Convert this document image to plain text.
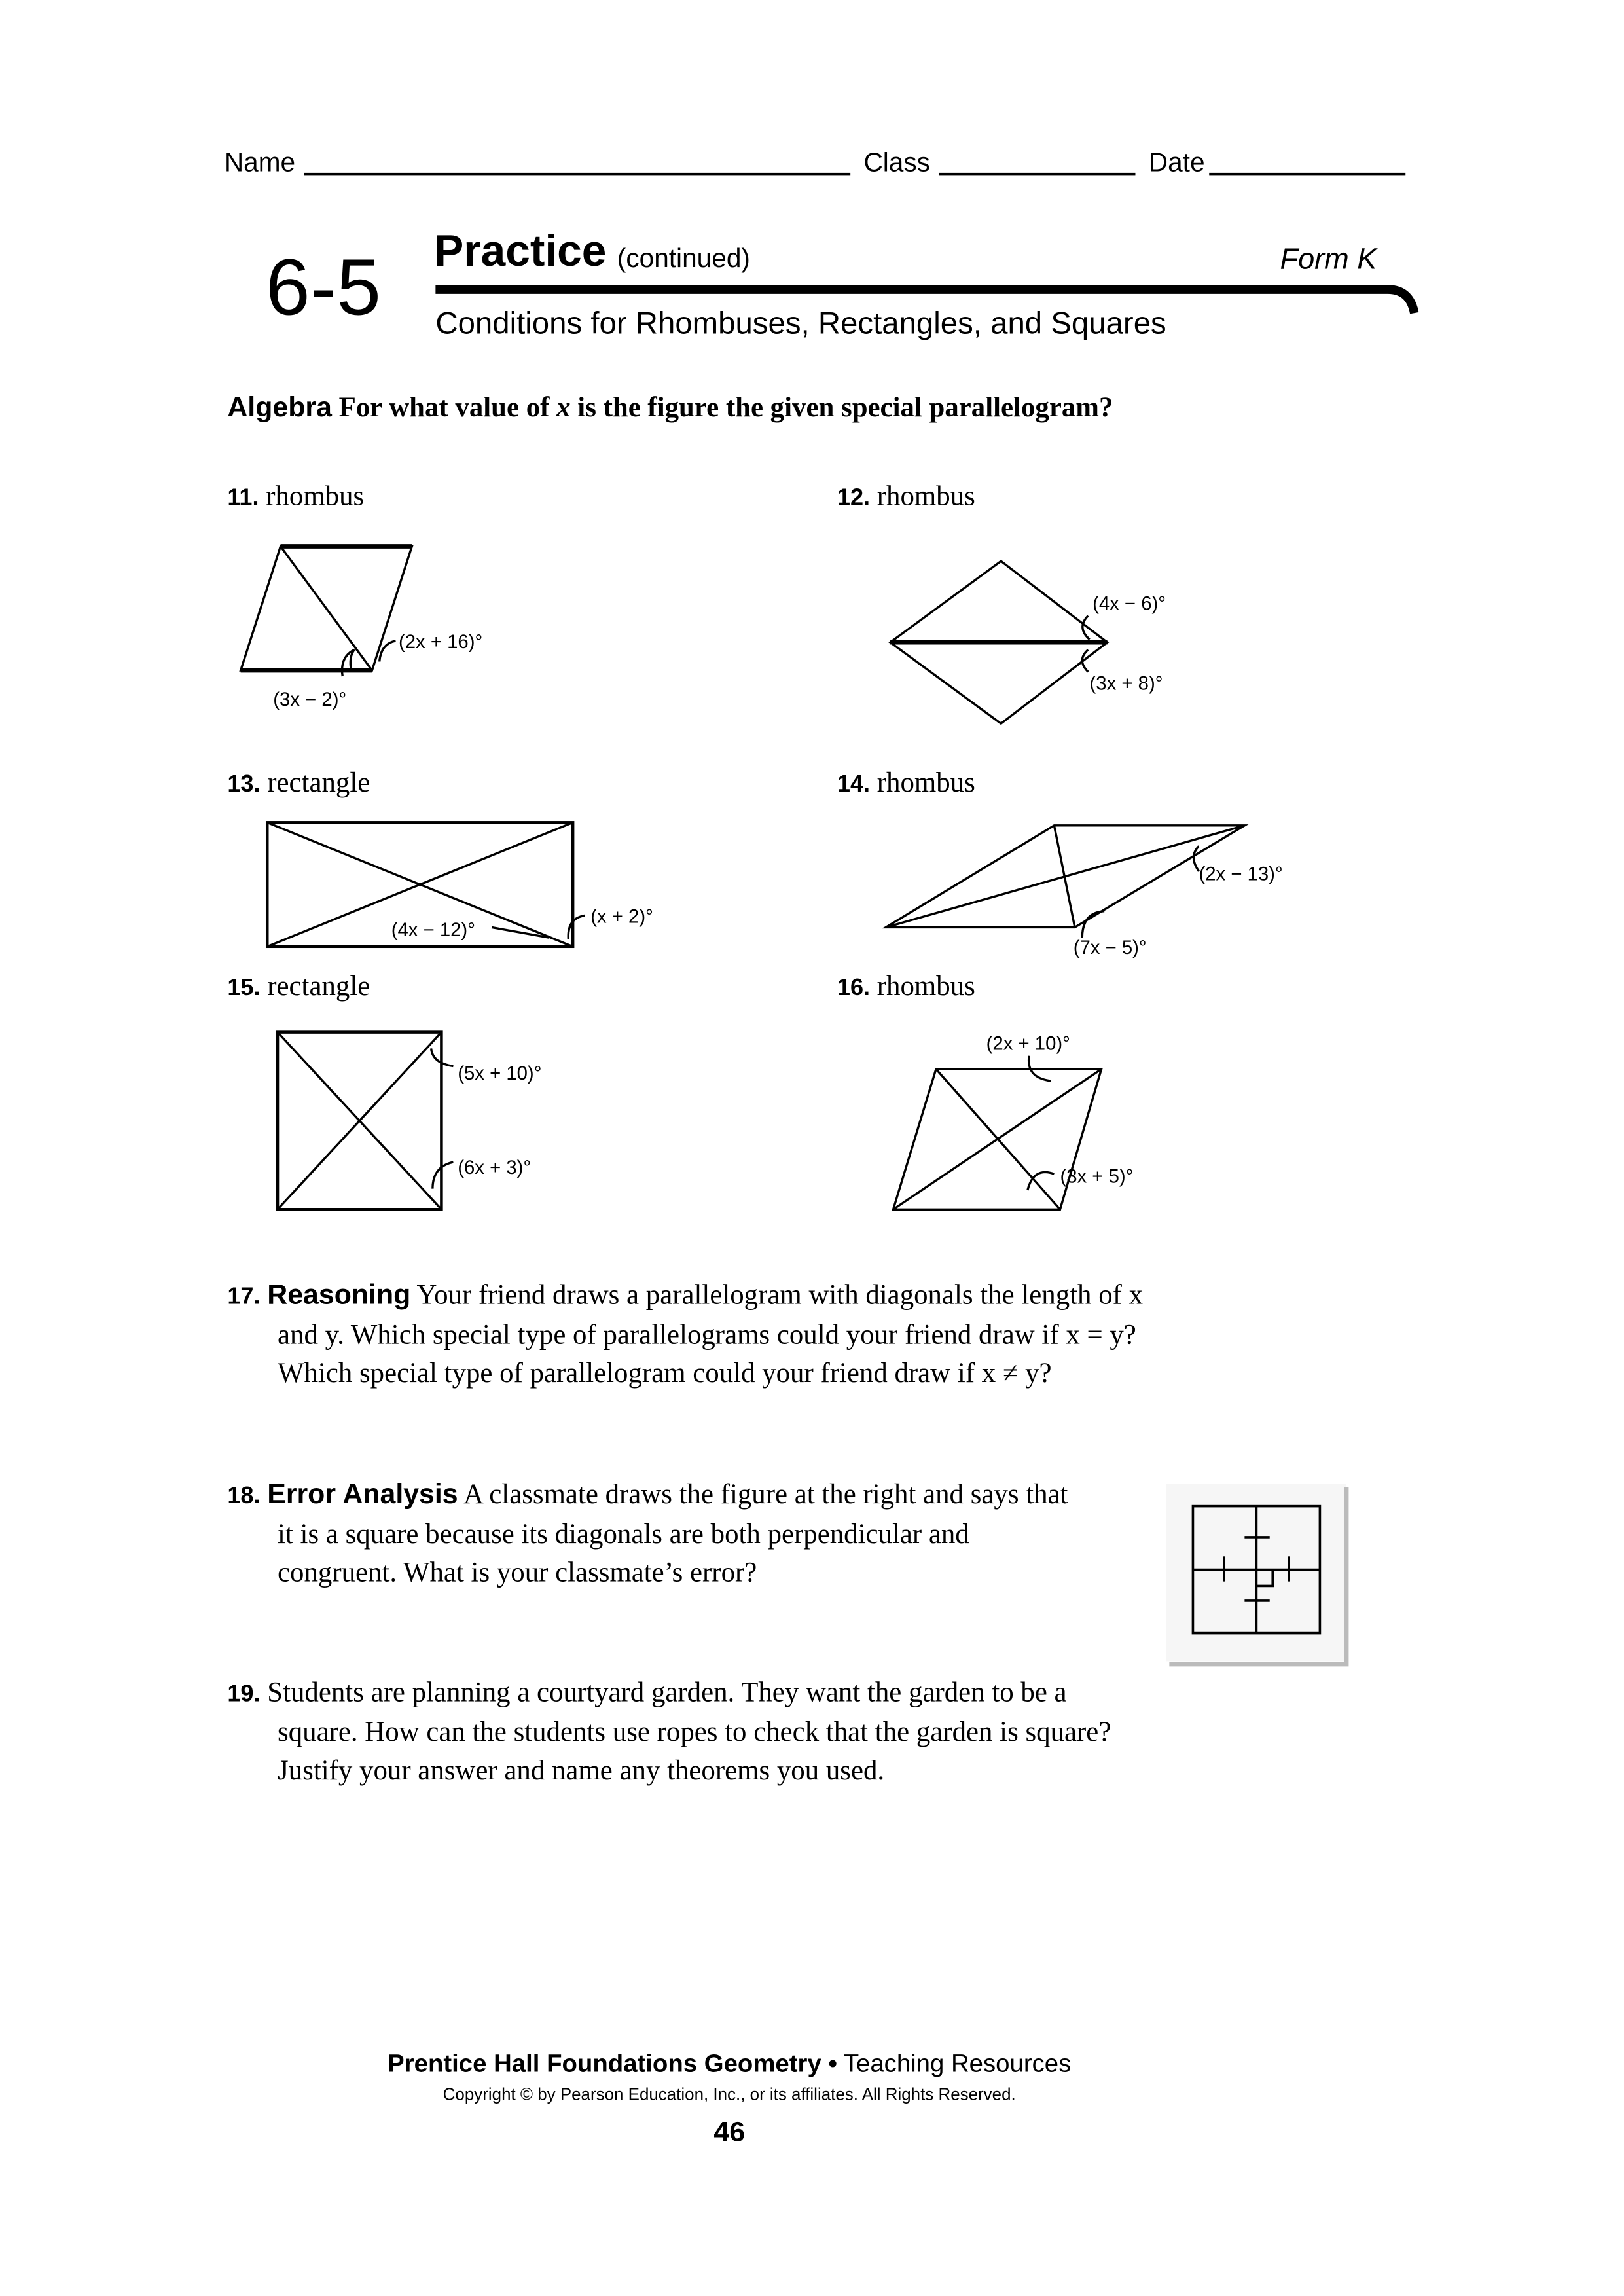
Name	Class	Date
6-5	Practice (continued)	Form K
Conditions for Rhombuses, Rectangles, and Squares
Algebra For what value of x is the figure the given special parallelogram?
11. rhombus	12. rhombus
13. rectangle	14. rhombus
15. rectangle	16. rhombus
(2x + 16)°
(3x − 2)°
(4x − 6)°
(3x + 8)°
(4x − 12)°
(x + 2)°
(2x − 13)°
(7x − 5)°
(5x + 10)°
(6x + 3)°
(2x + 10)°
(3x + 5)°
17. Reasoning Your friend draws a parallelogram with diagonals the length of x
and y. Which special type of parallelograms could your friend draw if x = y?
Which special type of parallelogram could your friend draw if x ≠ y?
18. Error Analysis A classmate draws the figure at the right and says that
it is a square because its diagonals are both perpendicular and
congruent. What is your classmate’s error?
19. Students are planning a courtyard garden. They want the garden to be a
square. How can the students use ropes to check that the garden is square?
Justify your answer and name any theorems you used.
Prentice Hall Foundations Geometry • Teaching Resources
Copyright © by Pearson Education, Inc., or its affiliates. All Rights Reserved.
46
